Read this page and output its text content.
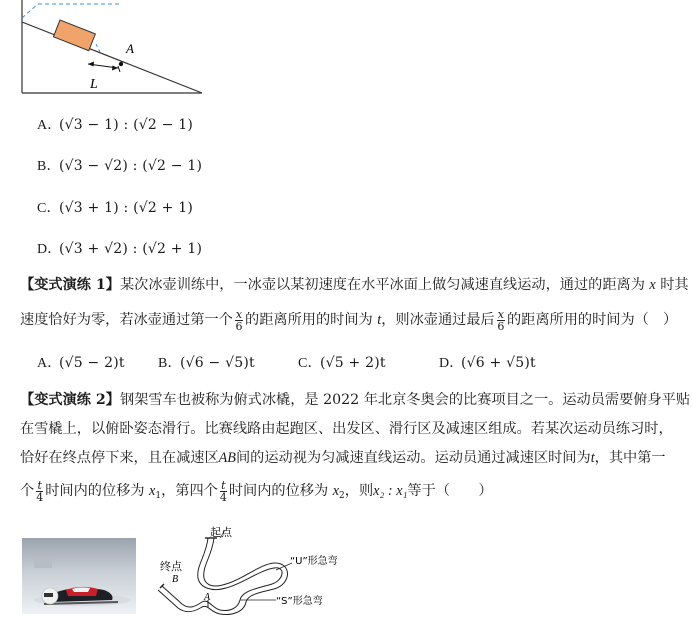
A
L
A．(√3 − 1) : (√2 − 1)
B．(√3 − √2) : (√2 − 1)
C．(√3 + 1) : (√2 + 1)
D．(√3 + √2) : (√2 + 1)
【变式演练 1】某次冰壶训练中，一冰壶以某初速度在水平冰面上做匀减速直线运动，通过的距离为 x 时其
速度恰好为零，若冰壶通过第一个 $\frac{x}{6}$ 的距离所用的时间为 t，则冰壶通过最后 $\frac{x}{6}$ 的距离所用的时间为（　）
A．(√5 − 2)t B．(√6 − √5)t	C．(√5 + 2)t	D．(√6 + √5)t
【变式演练 2】钢架雪车也被称为俯式冰橇，是 2022 年北京冬奥会的比赛项目之一。运动员需要俯身平贴
在雪橇上，以俯卧姿态滑行。比赛线路由起跑区、出发区、滑行区及减速区组成。若某次运动员练习时，
恰好在终点停下来，且在减速区AB间的运动视为匀减速直线运动。运动员通过减速区时间为t，其中第一
个 $\frac{t}{4}$ 时间内的位移为 $x_1$，第四个 $\frac{t}{4}$ 时间内的位移为 $x_2$，则x₂ : x₁等于（　　）
起点
终点
B
A
“U”形急弯
“S”形急弯
